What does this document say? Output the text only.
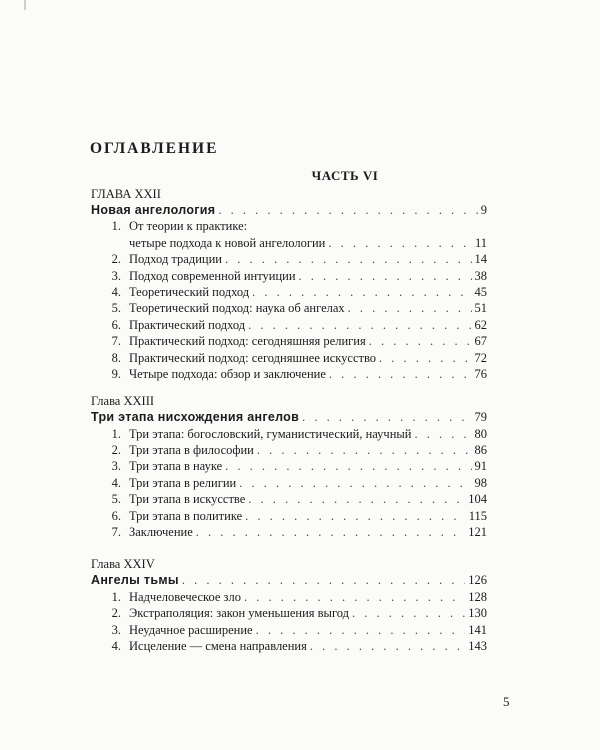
ОГЛАВЛЕНИЕ
ЧАСТЬ VI
ГЛАВА XXII
Новая ангелология . . .	9
1. От теории к практике:
четыре подхода к новой ангелологии . . .	11
2. Подход традиции . . .	14
3. Подход современной интуиции . . .	38
4. Теоретический подход . . .	45
5. Теоретический подход: наука об ангелах . . .	51
6. Практический подход . . .	62
7. Практический подход: сегодняшняя религия . . .	67
8. Практический подход: сегодняшнее искусство . . .	72
9. Четыре подхода: обзор и заключение . . .	76
Глава XXIII
Три этапа нисхождения ангелов . . .	79
1. Три этапа: богословский, гуманистический, научный . . .	80
2. Три этапа в философии . . .	86
3. Три этапа в науке . . .	91
4. Три этапа в религии . . .	98
5. Три этапа в искусстве . . .	104
6. Три этапа в политике . . .	115
7. Заключение . . .	121
Глава XXIV
Ангелы тьмы . . .	126
1. Надчеловеческое зло . . .	128
2. Экстраполяция: закон уменьшения выгод . . .	130
3. Неудачное расширение . . .	141
4. Исцеление — смена направления . . .	143
5
